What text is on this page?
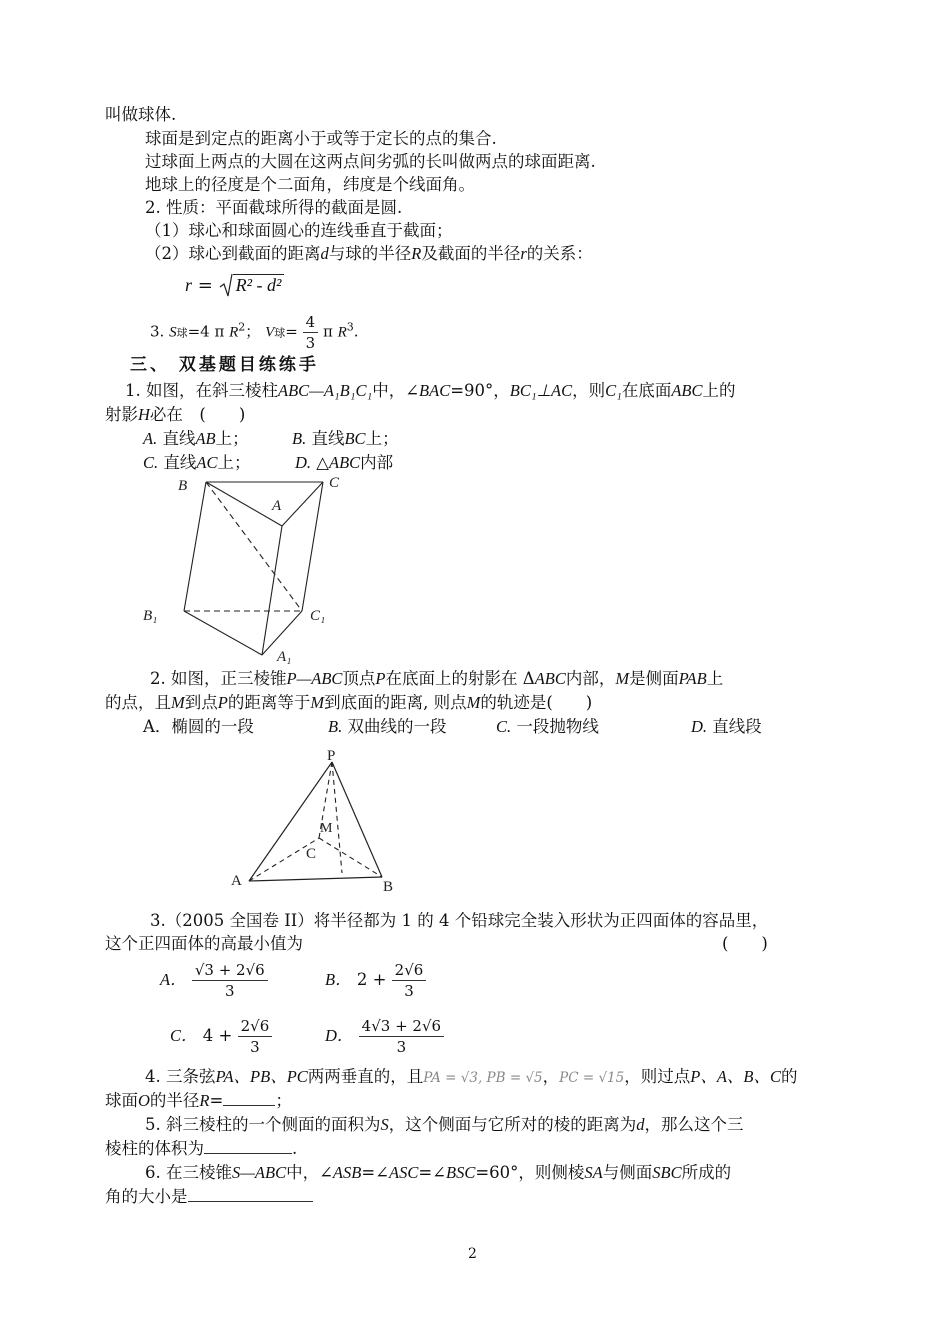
叫做球体.
球面是到定点的距离小于或等于定长的点的集合.
过球面上两点的大圆在这两点间劣弧的长叫做两点的球面距离.
地球上的径度是个二面角，纬度是个线面角。
2. 性质：平面截球所得的截面是圆.
（1）球心和球面圆心的连线垂直于截面；
（2）球心到截面的距离d与球的半径R及截面的半径r的关系：
r = R² - d²
3. S球=4 π $R^2$； V球= $\frac{4}{3}$ π $R^3$.
三、 双基题目练练手
1. 如图，在斜三棱柱ABC—A₁B₁C₁中，∠BAC=90°，BC₁⊥AC，则C₁在底面ABC上的
射影H必在　(　　)
A. 直线AB上；	B. 直线BC上；
C. 直线AC上；	D. △ABC内部
B	C
A
B₁	C₁
A₁
2. 如图，正三棱锥P—ABC顶点P在底面上的射影在 ΔABC内部，M是侧面PAB上
的点，且M到点P的距离等于M到底面的距离, 则点M的轨迹是(　　)
A．椭圆的一段	B. 双曲线的一段	C. 一段抛物线	D. 直线段
P
M
C
A	B
3.（2005 全国卷 II）将半径都为 1 的 4 个铅球完全装入形状为正四面体的容品里，
这个正四面体的高最小值为	(　　)
A． $\frac{√3 + 2√6}{3}$	B． $2 + \frac{2√6}{3}$
C． $4 + \frac{2√6}{3}$	D． $\frac{4√3 + 2√6}{3}$
4. 三条弦PA、PB、PC两两垂直的，且PA = √3, PB = √5，PC = √15，则过点P、A、B、C的
球面O的半径R=	；
5. 斜三棱柱的一个侧面的面积为S，这个侧面与它所对的棱的距离为d，那么这个三
棱柱的体积为	.
6. 在三棱锥S—ABC中，∠ASB=∠ASC=∠BSC=60°，则侧棱SA与侧面SBC所成的
角的大小是
2
